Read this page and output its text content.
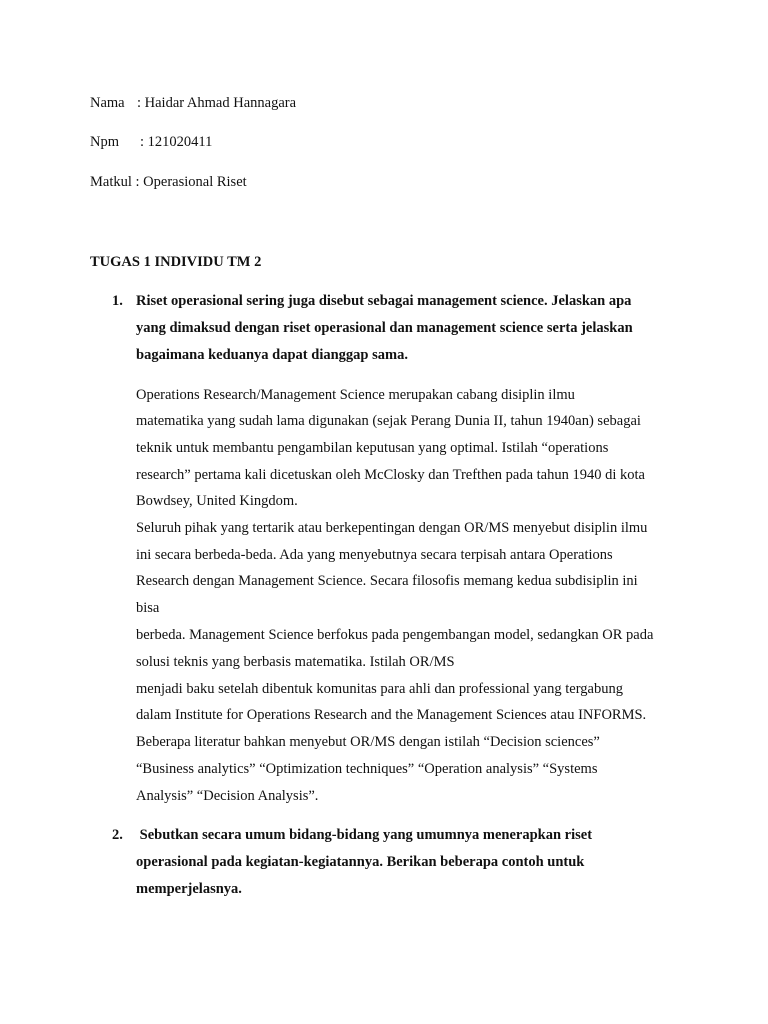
Nama : Haidar Ahmad Hannagara
Npm : 121020411
Matkul : Operasional Riset
TUGAS 1 INDIVIDU TM 2
1. Riset operasional sering juga disebut sebagai management science. Jelaskan apa
yang dimaksud dengan riset operasional dan management science serta jelaskan
bagaimana keduanya dapat dianggap sama.
Operations Research/Management Science merupakan cabang disiplin ilmu
matematika yang sudah lama digunakan (sejak Perang Dunia II, tahun 1940an) sebagai
teknik untuk membantu pengambilan keputusan yang optimal. Istilah “operations
research” pertama kali dicetuskan oleh McClosky dan Trefthen pada tahun 1940 di kota
Bowdsey, United Kingdom.
Seluruh pihak yang tertarik atau berkepentingan dengan OR/MS menyebut disiplin ilmu
ini secara berbeda-beda. Ada yang menyebutnya secara terpisah antara Operations
Research dengan Management Science. Secara filosofis memang kedua subdisiplin ini
bisa
berbeda. Management Science berfokus pada pengembangan model, sedangkan OR pada
solusi teknis yang berbasis matematika. Istilah OR/MS
menjadi baku setelah dibentuk komunitas para ahli dan professional yang tergabung
dalam Institute for Operations Research and the Management Sciences atau INFORMS.
Beberapa literatur bahkan menyebut OR/MS dengan istilah “Decision sciences”
“Business analytics” “Optimization techniques” “Operation analysis” “Systems
Analysis” “Decision Analysis”.
2. Sebutkan secara umum bidang-bidang yang umumnya menerapkan riset
operasional pada kegiatan-kegiatannya. Berikan beberapa contoh untuk
memperjelasnya.
